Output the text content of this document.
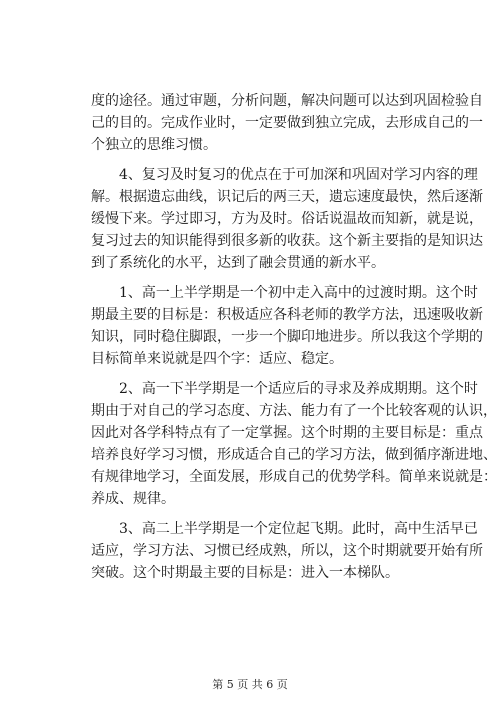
度的途径。通过审题，分析问题，解决问题可以达到巩固检验自
己的目的。完成作业时，一定要做到独立完成，去形成自己的一
个独立的思维习惯。
4、复习及时复习的优点在于可加深和巩固对学习内容的理
解。根据遗忘曲线，识记后的两三天，遗忘速度最快，然后逐渐
缓慢下来。学过即习，方为及时。俗话说温故而知新，就是说，
复习过去的知识能得到很多新的收获。这个新主要指的是知识达
到了系统化的水平，达到了融会贯通的新水平。
1、高一上半学期是一个初中走入高中的过渡时期。这个时
期最主要的目标是：积极适应各科老师的教学方法，迅速吸收新
知识，同时稳住脚跟，一步一个脚印地进步。所以我这个学期的
目标简单来说就是四个字：适应、稳定。
2、高一下半学期是一个适应后的寻求及养成期期。这个时
期由于对自己的学习态度、方法、能力有了一个比较客观的认识，
因此对各学科特点有了一定掌握。这个时期的主要目标是：重点
培养良好学习习惯，形成适合自己的学习方法，做到循序渐进地、
有规律地学习，全面发展，形成自己的优势学科。简单来说就是：
养成、规律。
3、高二上半学期是一个定位起飞期。此时，高中生活早已
适应，学习方法、习惯已经成熟，所以，这个时期就要开始有所
突破。这个时期最主要的目标是：进入一本梯队。
第 5 页 共 6 页
